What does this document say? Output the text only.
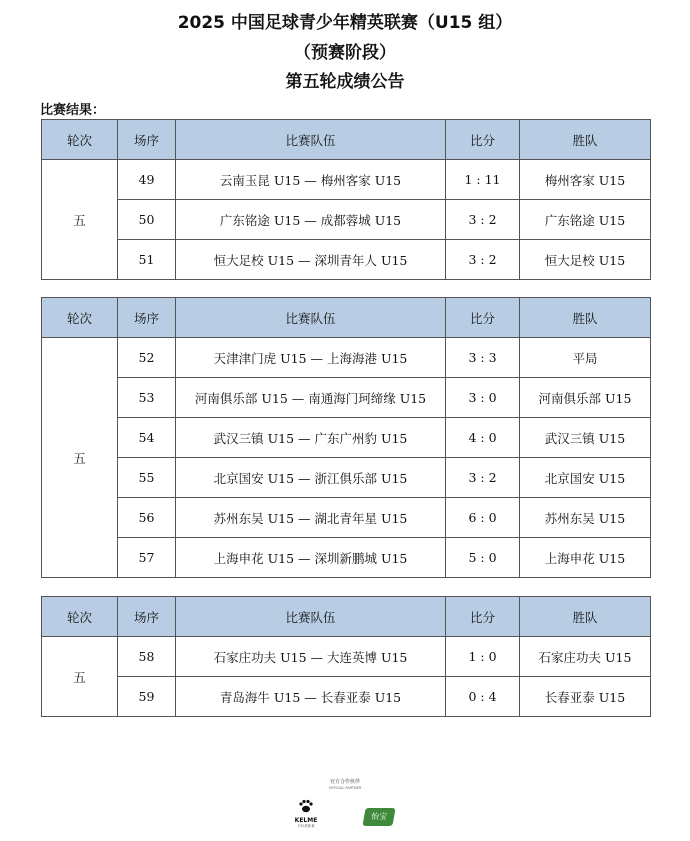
2025 中国足球青少年精英联赛（U15 组）
（预赛阶段）
第五轮成绩公告
比赛结果：
轮次	场序	比赛队伍	比分	胜队
五	49	云南玉昆 U15 — 梅州客家 U15	1 : 11	梅州客家 U15
	50	广东铭途 U15 — 成都蓉城 U15	3 : 2	广东铭途 U15
	51	恒大足校 U15 — 深圳青年人 U15	3 : 2	恒大足校 U15
轮次	场序	比赛队伍	比分	胜队
五	52	天津津门虎 U15 — 上海海港 U15	3 : 3	平局
	53	河南俱乐部 U15 — 南通海门珂缔缘 U15	3 : 0	河南俱乐部 U15
	54	武汉三镇 U15 — 广东广州豹 U15	4 : 0	武汉三镇 U15
	55	北京国安 U15 — 浙江俱乐部 U15	3 : 2	北京国安 U15
	56	苏州东吴 U15 — 湖北青年星 U15	6 : 0	苏州东吴 U15
	57	上海申花 U15 — 深圳新鹏城 U15	5 : 0	上海申花 U15
轮次	场序	比赛队伍	比分	胜队
五	58	石家庄功夫 U15 — 大连英博 U15	1 : 0	石家庄功夫 U15
	59	青岛海牛 U15 — 长春亚泰 U15	0 : 4	长春亚泰 U15
官方合作伙伴
OFFICIAL PARTNER
KELME
卡尔美体育
怡宝
